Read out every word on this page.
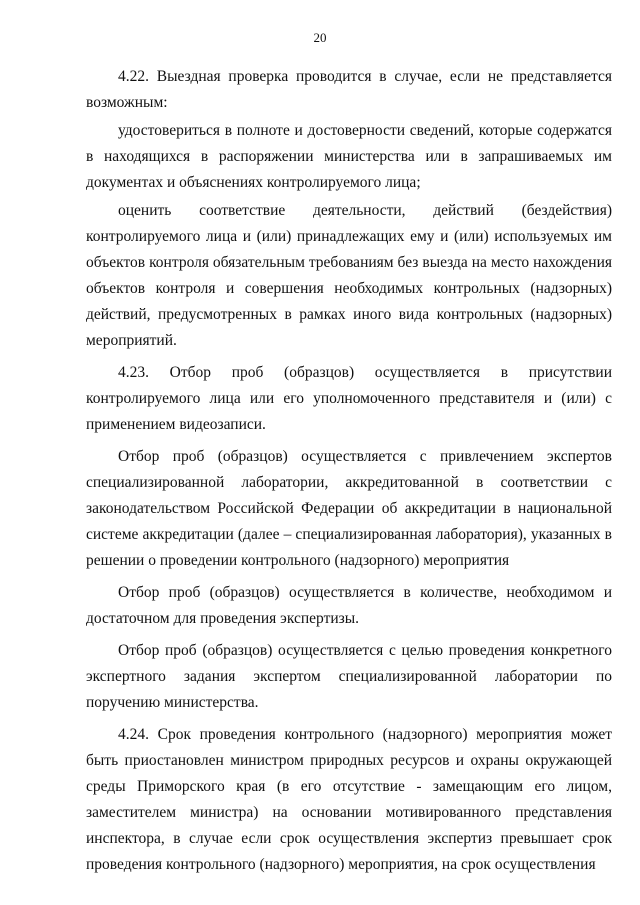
20

4.22. Выездная проверка проводится в случае, если не представляется возможным:

удостовериться в полноте и достоверности сведений, которые содержатся в находящихся в распоряжении министерства или в запрашиваемых им документах и объяснениях контролируемого лица;

оценить соответствие деятельности, действий (бездействия) контролируемого лица и (или) принадлежащих ему и (или) используемых им объектов контроля обязательным требованиям без выезда на место нахождения объектов контроля и совершения необходимых контрольных (надзорных) действий, предусмотренных в рамках иного вида контрольных (надзорных) мероприятий.

4.23. Отбор проб (образцов) осуществляется в присутствии контролируемого лица или его уполномоченного представителя и (или) с применением видеозаписи.

Отбор проб (образцов) осуществляется с привлечением экспертов специализированной лаборатории, аккредитованной в соответствии с законодательством Российской Федерации об аккредитации в национальной системе аккредитации (далее – специализированная лаборатория), указанных в решении о проведении контрольного (надзорного) мероприятия

Отбор проб (образцов) осуществляется в количестве, необходимом и достаточном для проведения экспертизы.

Отбор проб (образцов) осуществляется с целью проведения конкретного экспертного задания экспертом специализированной лаборатории по поручению министерства.

4.24. Срок проведения контрольного (надзорного) мероприятия может быть приостановлен министром природных ресурсов и охраны окружающей среды Приморского края (в его отсутствие - замещающим его лицом, заместителем министра) на основании мотивированного представления инспектора, в случае если срок осуществления экспертиз превышает срок проведения контрольного (надзорного) мероприятия, на срок осуществления
